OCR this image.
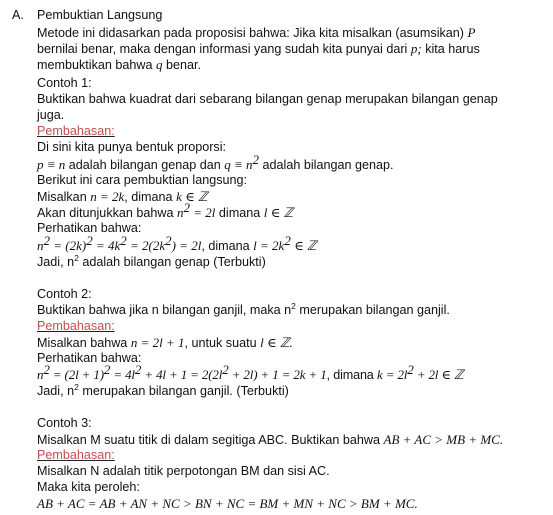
A. Pembuktian Langsung
Metode ini didasarkan pada proposisi bahwa: Jika kita misalkan (asumsikan) P
bernilai benar, maka dengan informasi yang sudah kita punyai dari p; kita harus
membuktikan bahwa q benar.
Contoh 1:
Buktikan bahwa kuadrat dari sebarang bilangan genap merupakan bilangan genap
juga.
Pembahasan:
Di sini kita punya bentuk proporsi:
p ≡ n adalah bilangan genap dan $q \equiv n^2$ adalah bilangan genap.
Berikut ini cara pembuktian langsung:
Misalkan n = 2k, dimana k ∈ ℤ
Akan ditunjukkan bahwa $n^2 = 2l$ dimana l ∈ ℤ
Perhatikan bahwa:
$n^2 = (2k)^2 = 4k^2 = 2(2k^2) = 2l$, dimana $l = 2k^2$ ∈ ℤ
Jadi, $n^2$ adalah bilangan genap (Terbukti)
Contoh 2:
Buktikan bahwa jika n bilangan ganjil, maka $n^2$ merupakan bilangan ganjil.
Pembahasan:
Misalkan bahwa n = 2l + 1, untuk suatu l ∈ ℤ.
Perhatikan bahwa:
$n^2 = (2l + 1)^2 = 4l^2 + 4l + 1 = 2(2l^2 + 2l) + 1 = 2k + 1$, dimana $k = 2l^2 + 2l$ ∈ ℤ
Jadi, $n^2$ merupakan bilangan ganjil. (Terbukti)
Contoh 3:
Misalkan M suatu titik di dalam segitiga ABC. Buktikan bahwa AB + AC > MB + MC.
Pembahasan:
Misalkan N adalah titik perpotongan BM dan sisi AC.
Maka kita peroleh:
AB + AC = AB + AN + NC > BN + NC = BM + MN + NC > BM + MC.
